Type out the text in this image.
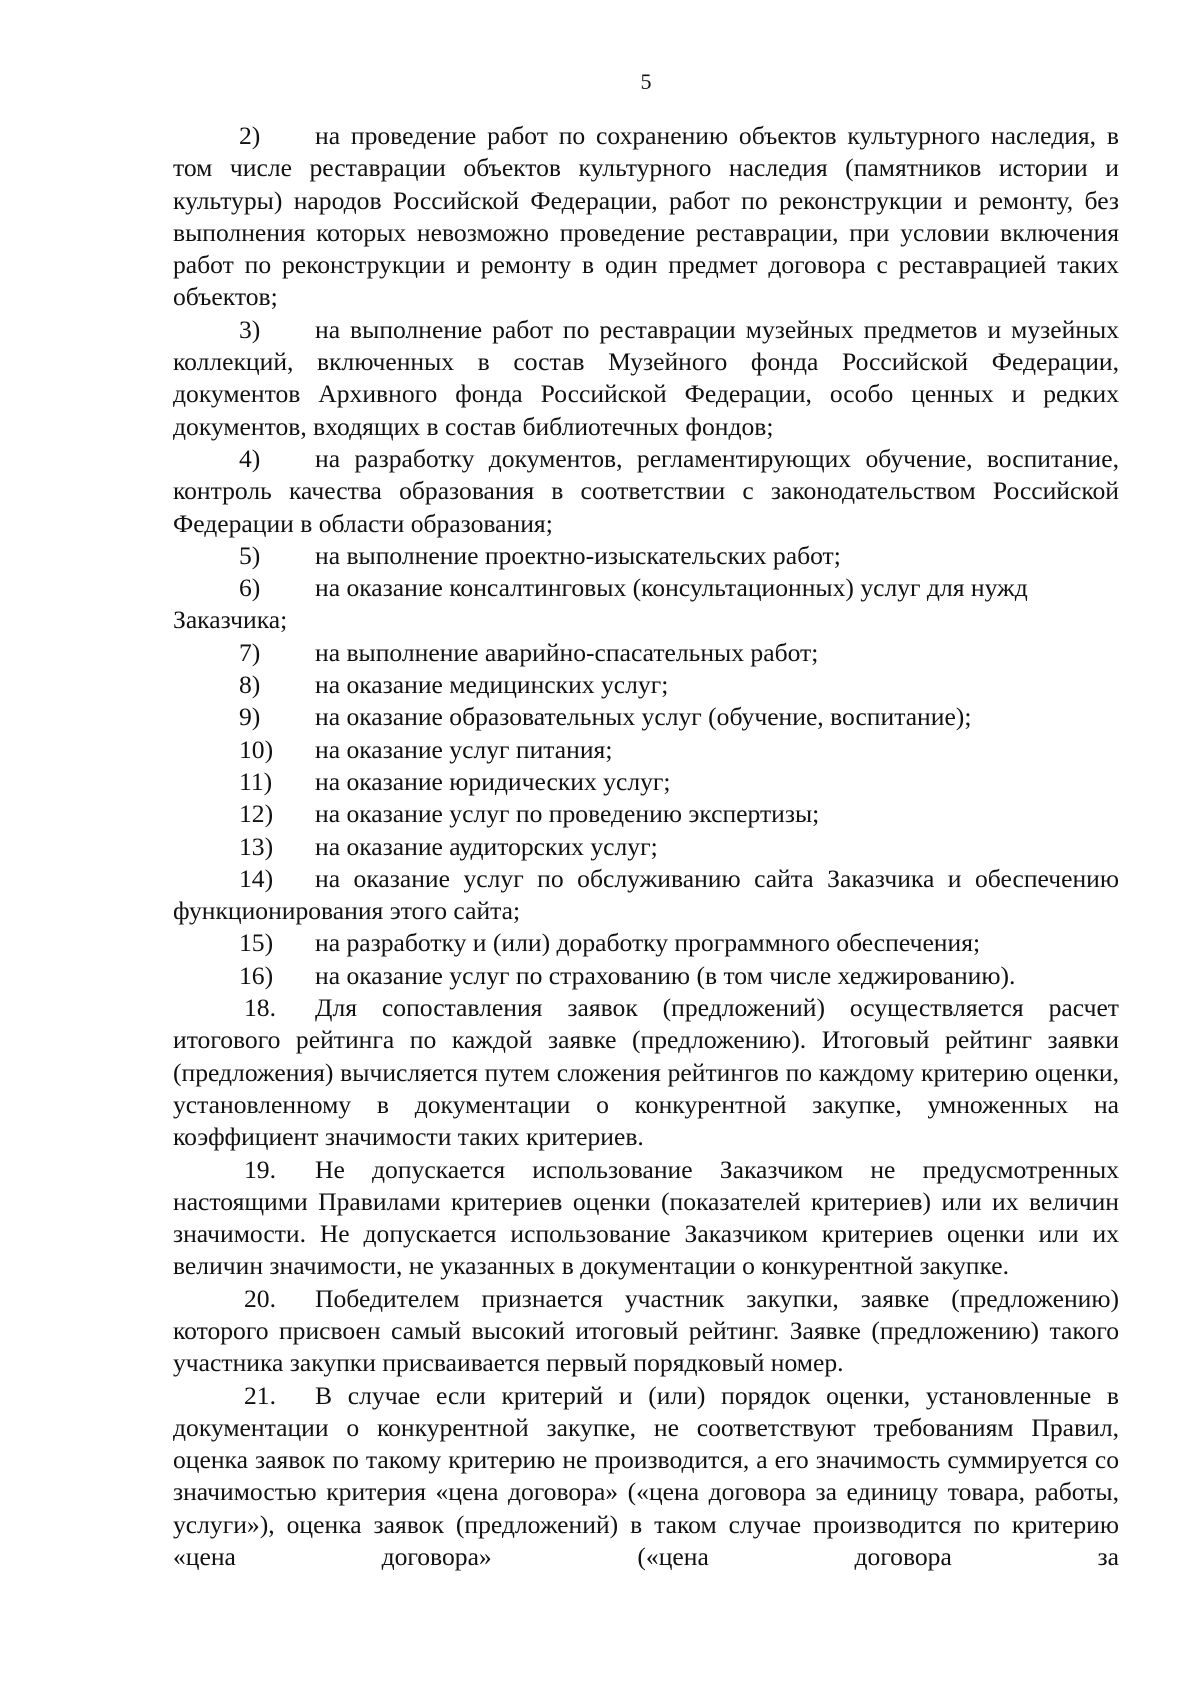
5

2) на проведение работ по сохранению объектов культурного наследия, в том числе реставрации объектов культурного наследия (памятников истории и культуры) народов Российской Федерации, работ по реконструкции и ремонту, без выполнения которых невозможно проведение реставрации, при условии включения работ по реконструкции и ремонту в один предмет договора с реставрацией таких объектов;

3) на выполнение работ по реставрации музейных предметов и музейных коллекций, включенных в состав Музейного фонда Российской Федерации, документов Архивного фонда Российской Федерации, особо ценных и редких документов, входящих в состав библиотечных фондов;

4) на разработку документов, регламентирующих обучение, воспитание, контроль качества образования в соответствии с законодательством Российской Федерации в области образования;

5) на выполнение проектно-изыскательских работ;

6) на оказание консалтинговых (консультационных) услуг для нужд Заказчика;

7) на выполнение аварийно-спасательных работ;

8) на оказание медицинских услуг;

9) на оказание образовательных услуг (обучение, воспитание);

10) на оказание услуг питания;

11) на оказание юридических услуг;

12) на оказание услуг по проведению экспертизы;

13) на оказание аудиторских услуг;

14) на оказание услуг по обслуживанию сайта Заказчика и обеспечению функционирования этого сайта;

15) на разработку и (или) доработку программного обеспечения;

16) на оказание услуг по страхованию (в том числе хеджированию).

18. Для сопоставления заявок (предложений) осуществляется расчет итогового рейтинга по каждой заявке (предложению). Итоговый рейтинг заявки (предложения) вычисляется путем сложения рейтингов по каждому критерию оценки, установленному в документации о конкурентной закупке, умноженных на коэффициент значимости таких критериев.

19. Не допускается использование Заказчиком не предусмотренных настоящими Правилами критериев оценки (показателей критериев) или их величин значимости. Не допускается использование Заказчиком критериев оценки или их величин значимости, не указанных в документации о конкурентной закупке.

20. Победителем признается участник закупки, заявке (предложению) которого присвоен самый высокий итоговый рейтинг. Заявке (предложению) такого участника закупки присваивается первый порядковый номер.

21. В случае если критерий и (или) порядок оценки, установленные в документации о конкурентной закупке, не соответствуют требованиям Правил, оценка заявок по такому критерию не производится, а его значимость суммируется со значимостью критерия «цена договора» («цена договора за единицу товара, работы, услуги»), оценка заявок (предложений) в таком случае производится по критерию «цена договора» («цена договора за
